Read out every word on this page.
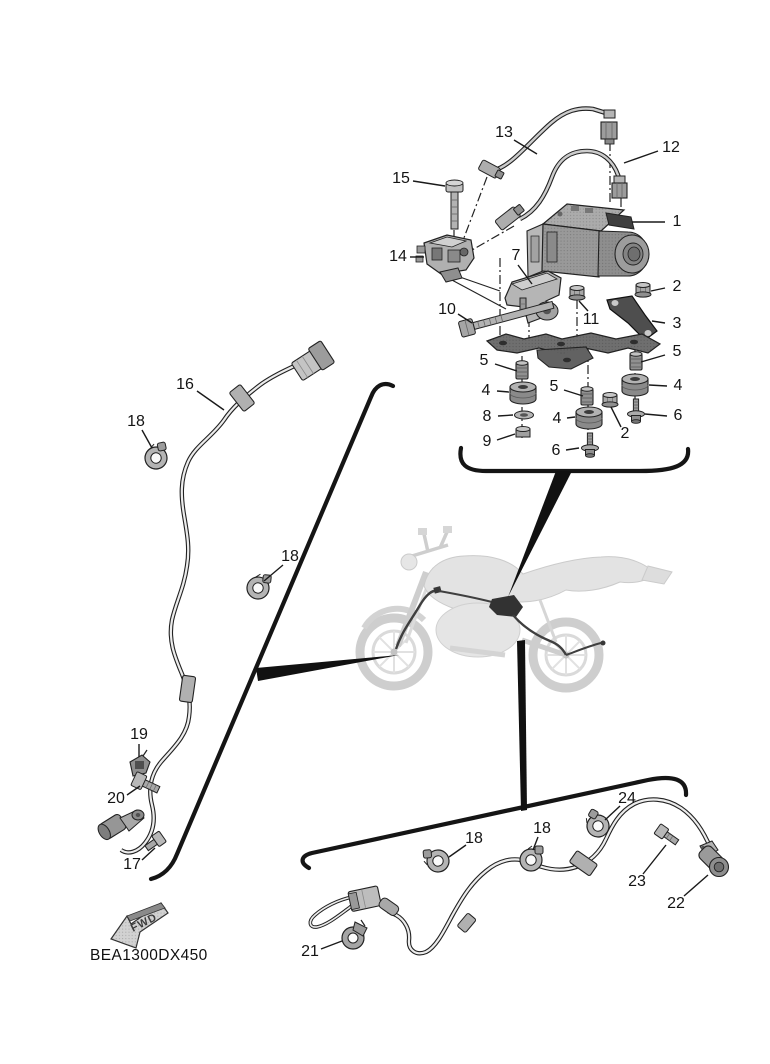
FWD
13
12
15
1
14	7
2
10
11	3
5
5
4
5
4
8	6
4
2
9
6
16
18
18
19
20
17
24
18
18
23
22
21
BEA1300DX450
